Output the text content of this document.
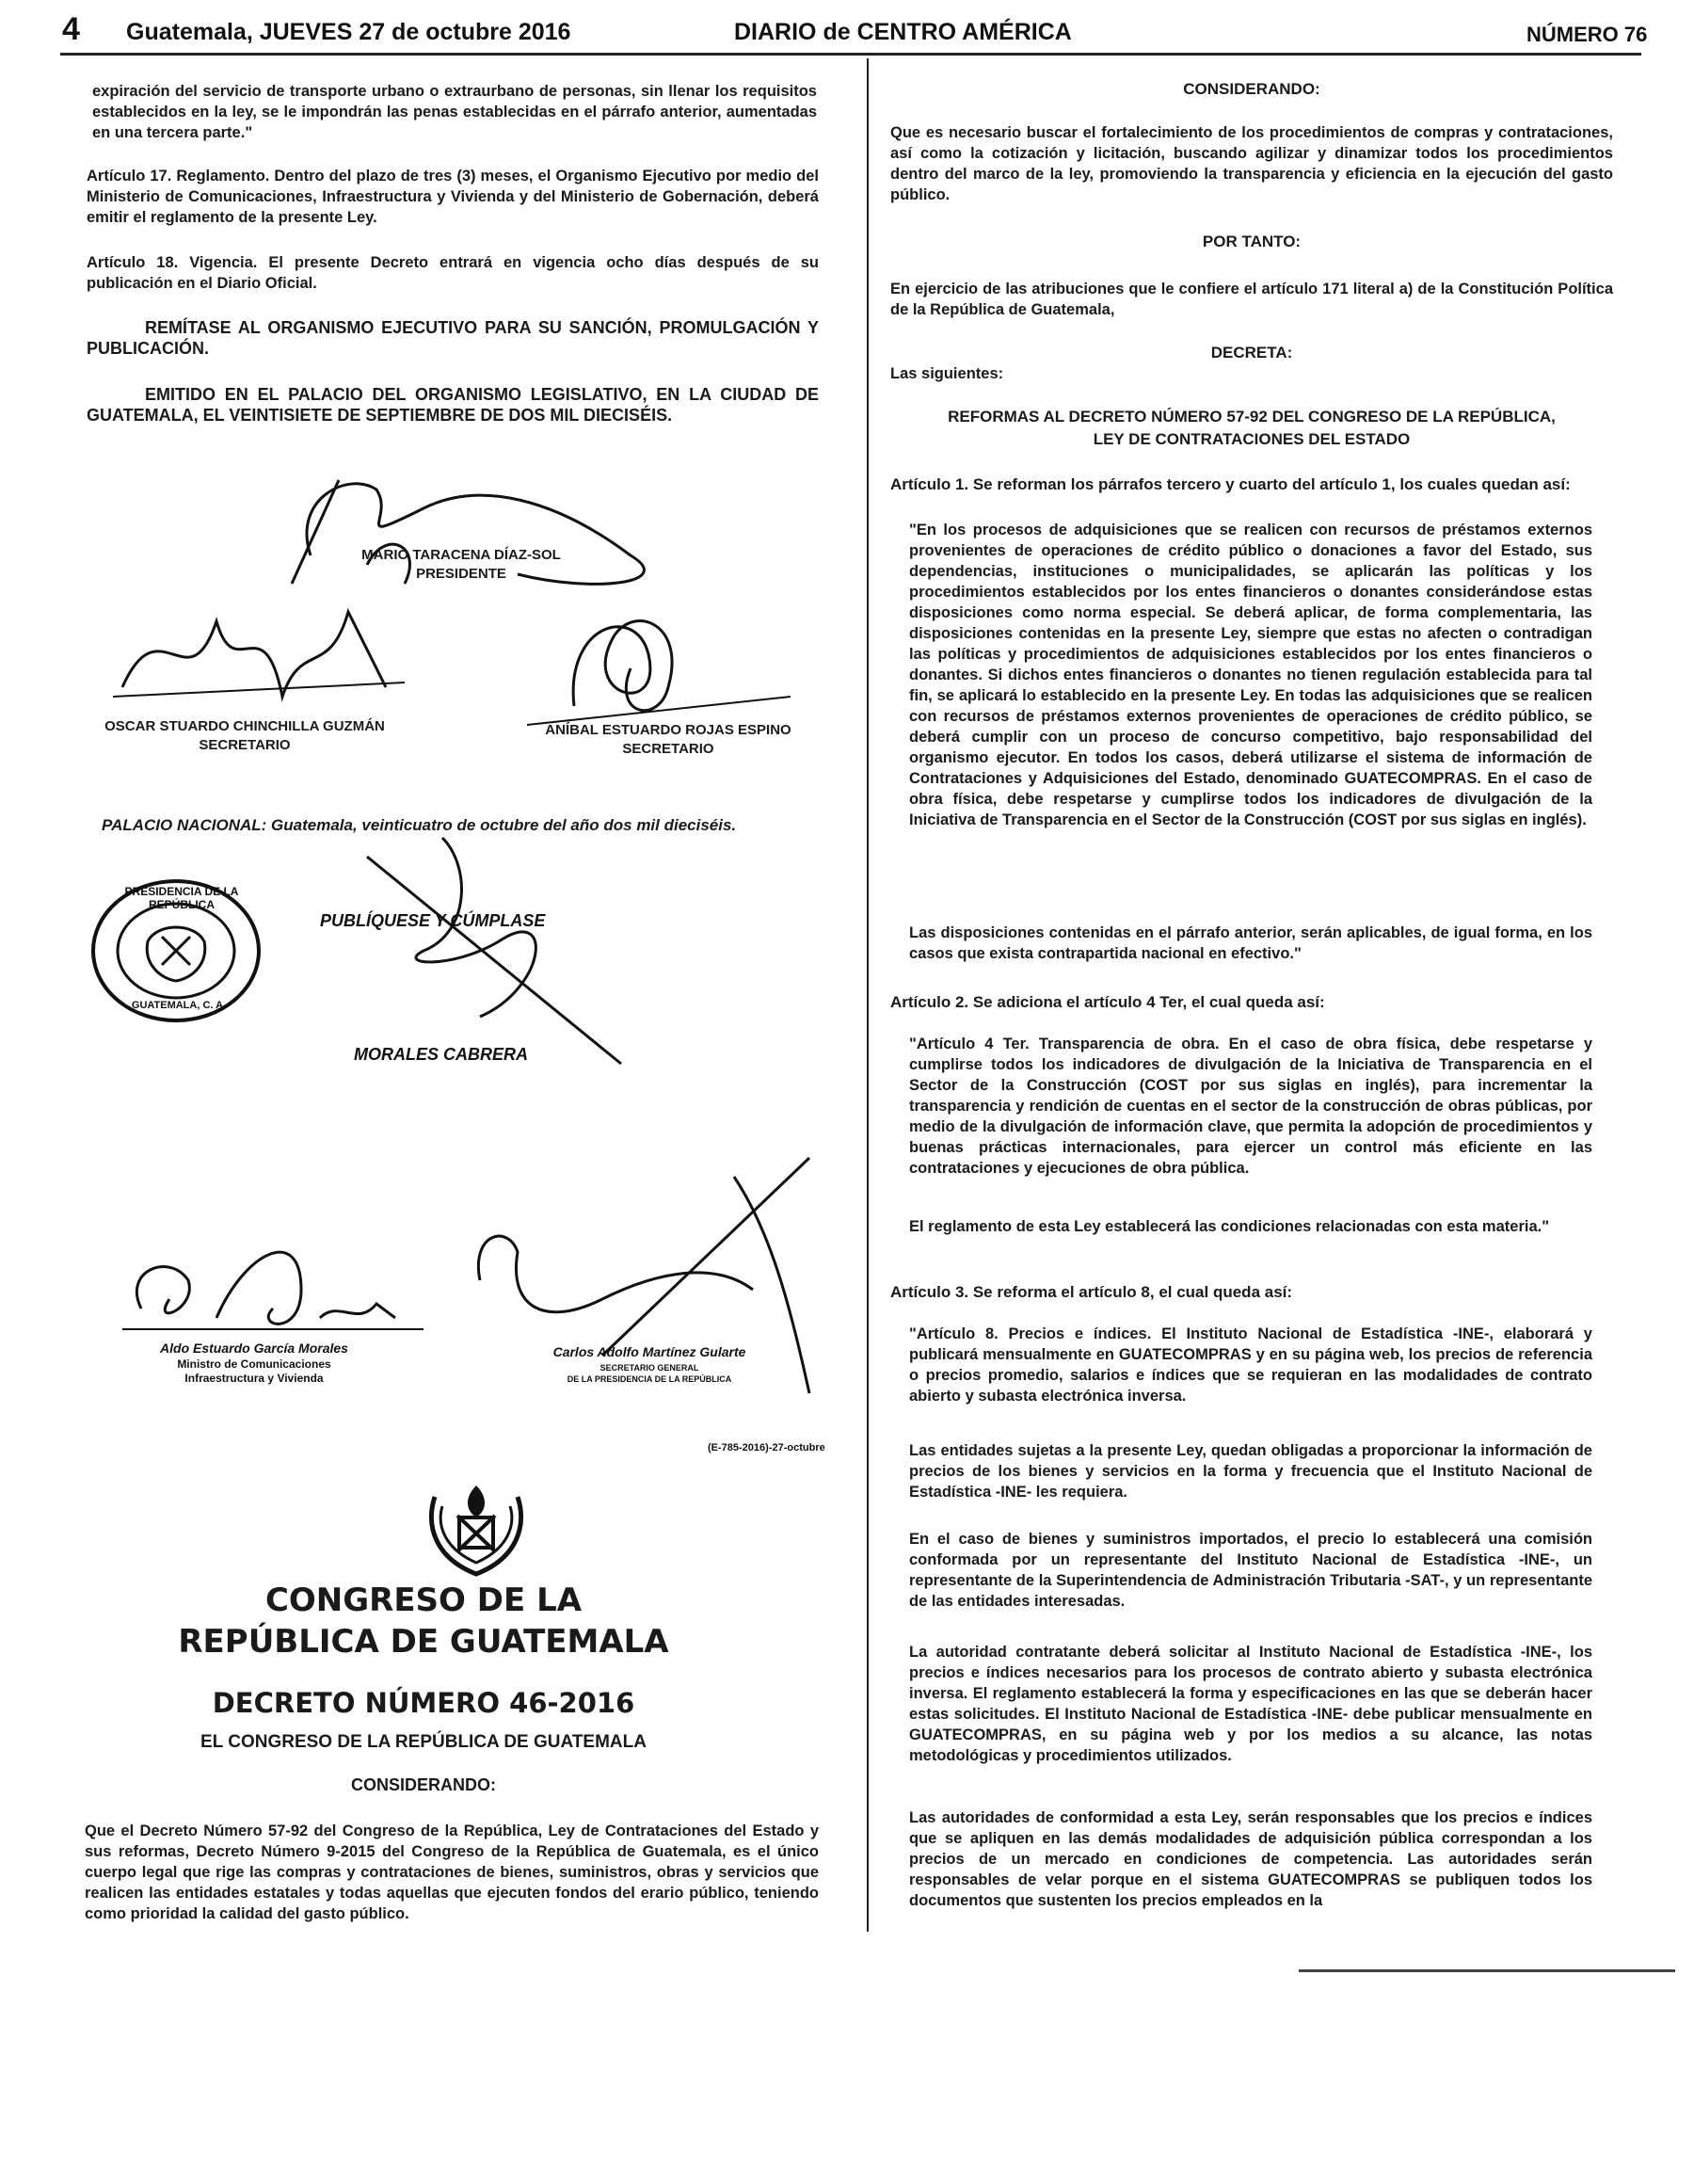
4 Guatemala, JUEVES 27 de octubre 2016	DIARIO de CENTRO AMÉRICA	NÚMERO 76

expiración del servicio de transporte urbano o extraurbano de personas, sin llenar los requisitos establecidos en la ley, se le impondrán las penas establecidas en el párrafo anterior, aumentadas en una tercera parte."

Artículo 17. Reglamento. Dentro del plazo de tres (3) meses, el Organismo Ejecutivo por medio del Ministerio de Comunicaciones, Infraestructura y Vivienda y del Ministerio de Gobernación, deberá emitir el reglamento de la presente Ley.

Artículo 18. Vigencia. El presente Decreto entrará en vigencia ocho días después de su publicación en el Diario Oficial.

REMÍTASE AL ORGANISMO EJECUTIVO PARA SU SANCIÓN, PROMULGACIÓN Y PUBLICACIÓN.

EMITIDO EN EL PALACIO DEL ORGANISMO LEGISLATIVO, EN LA CIUDAD DE GUATEMALA, EL VEINTISIETE DE SEPTIEMBRE DE DOS MIL DIECISÉIS.

MARIO TARACENA DÍAZ-SOL
PRESIDENTE
OSCAR STUARDO CHINCHILLA GUZMÁN
SECRETARIO
ANÍBAL ESTUARDO ROJAS ESPINO
SECRETARIO

PALACIO NACIONAL: Guatemala, veinticuatro de octubre del año dos mil dieciséis.

PRESIDENCIA DE LA REPÚBLICA
GUATEMALA, C. A.
PUBLÍQUESE Y CÚMPLASE
MORALES CABRERA
Aldo Estuardo García Morales
Ministro de Comunicaciones
Infraestructura y Vivienda
Carlos Adolfo Martínez Gularte
SECRETARIO GENERAL
DE LA PRESIDENCIA DE LA REPÚBLICA
(E-785-2016)-27-octubre
CONGRESO DE LA
REPÚBLICA DE GUATEMALA
DECRETO NÚMERO 46-2016
EL CONGRESO DE LA REPÚBLICA DE GUATEMALA
CONSIDERANDO:

Que el Decreto Número 57-92 del Congreso de la República, Ley de Contrataciones del Estado y sus reformas, Decreto Número 9-2015 del Congreso de la República de Guatemala, es el único cuerpo legal que rige las compras y contrataciones de bienes, suministros, obras y servicios que realicen las entidades estatales y todas aquellas que ejecuten fondos del erario público, teniendo como prioridad la calidad del gasto público.

CONSIDERANDO:

Que es necesario buscar el fortalecimiento de los procedimientos de compras y contrataciones, así como la cotización y licitación, buscando agilizar y dinamizar todos los procedimientos dentro del marco de la ley, promoviendo la transparencia y eficiencia en la ejecución del gasto público.

POR TANTO:

En ejercicio de las atribuciones que le confiere el artículo 171 literal a) de la Constitución Política de la República de Guatemala,

DECRETA:

Las siguientes:

REFORMAS AL DECRETO NÚMERO 57-92 DEL CONGRESO DE LA REPÚBLICA,

LEY DE CONTRATACIONES DEL ESTADO

Artículo 1. Se reforman los párrafos tercero y cuarto del artículo 1, los cuales quedan así:

"En los procesos de adquisiciones que se realicen con recursos de préstamos externos provenientes de operaciones de crédito público o donaciones a favor del Estado, sus dependencias, instituciones o municipalidades, se aplicarán las políticas y los procedimientos establecidos por los entes financieros o donantes considerándose estas disposiciones como norma especial. Se deberá aplicar, de forma complementaria, las disposiciones contenidas en la presente Ley, siempre que estas no afecten o contradigan las políticas y procedimientos de adquisiciones establecidos por los entes financieros o donantes. Si dichos entes financieros o donantes no tienen regulación establecida para tal fin, se aplicará lo establecido en la presente Ley. En todas las adquisiciones que se realicen con recursos de préstamos externos provenientes de operaciones de crédito público, se deberá cumplir con un proceso de concurso competitivo, bajo responsabilidad del organismo ejecutor. En todos los casos, deberá utilizarse el sistema de información de Contrataciones y Adquisiciones del Estado, denominado GUATECOMPRAS. En el caso de obra física, debe respetarse y cumplirse todos los indicadores de divulgación de la Iniciativa de Transparencia en el Sector de la Construcción (COST por sus siglas en inglés).

Las disposiciones contenidas en el párrafo anterior, serán aplicables, de igual forma, en los casos que exista contrapartida nacional en efectivo."

Artículo 2. Se adiciona el artículo 4 Ter, el cual queda así:

"Artículo 4 Ter. Transparencia de obra. En el caso de obra física, debe respetarse y cumplirse todos los indicadores de divulgación de la Iniciativa de Transparencia en el Sector de la Construcción (COST por sus siglas en inglés), para incrementar la transparencia y rendición de cuentas en el sector de la construcción de obras públicas, por medio de la divulgación de información clave, que permita la adopción de procedimientos y buenas prácticas internacionales, para ejercer un control más eficiente en las contrataciones y ejecuciones de obra pública.

El reglamento de esta Ley establecerá las condiciones relacionadas con esta materia."

Artículo 3. Se reforma el artículo 8, el cual queda así:

"Artículo 8. Precios e índices. El Instituto Nacional de Estadística -INE-, elaborará y publicará mensualmente en GUATECOMPRAS y en su página web, los precios de referencia o precios promedio, salarios e índices que se requieran en las modalidades de contrato abierto y subasta electrónica inversa.

Las entidades sujetas a la presente Ley, quedan obligadas a proporcionar la información de precios de los bienes y servicios en la forma y frecuencia que el Instituto Nacional de Estadística -INE- les requiera.

En el caso de bienes y suministros importados, el precio lo establecerá una comisión conformada por un representante del Instituto Nacional de Estadística -INE-, un representante de la Superintendencia de Administración Tributaria -SAT-, y un representante de las entidades interesadas.

La autoridad contratante deberá solicitar al Instituto Nacional de Estadística -INE-, los precios e índices necesarios para los procesos de contrato abierto y subasta electrónica inversa. El reglamento establecerá la forma y especificaciones en las que se deberán hacer estas solicitudes. El Instituto Nacional de Estadística -INE- debe publicar mensualmente en GUATECOMPRAS, en su página web y por los medios a su alcance, las notas metodológicas y procedimientos utilizados.

Las autoridades de conformidad a esta Ley, serán responsables que los precios e índices que se apliquen en las demás modalidades de adquisición pública correspondan a los precios de un mercado en condiciones de competencia. Las autoridades serán responsables de velar porque en el sistema GUATECOMPRAS se publiquen todos los documentos que sustenten los precios empleados en la
